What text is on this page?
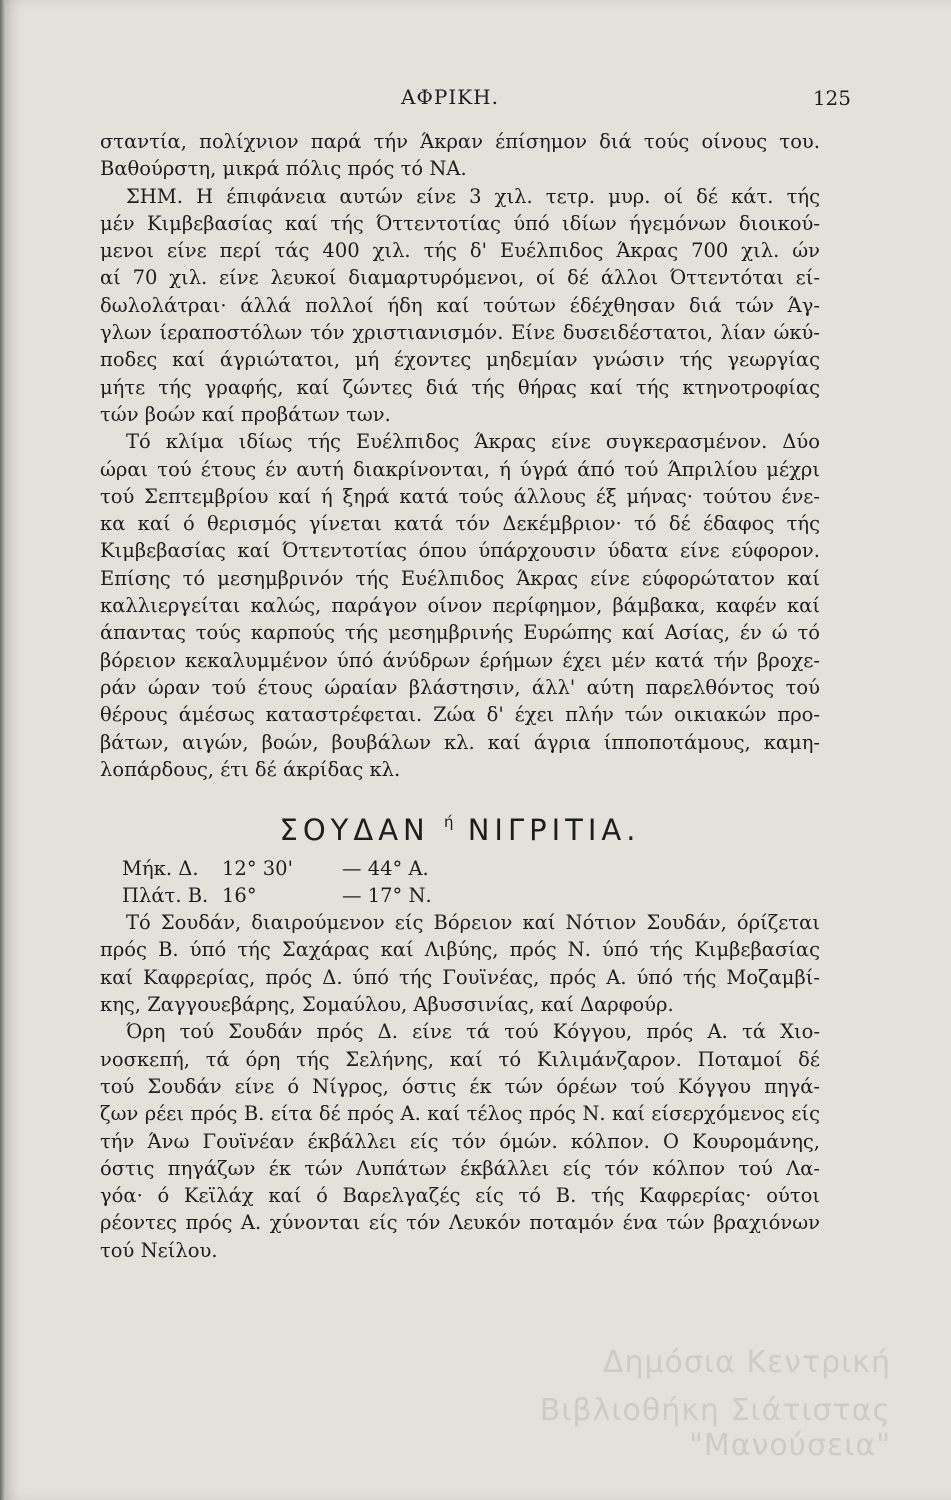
ΑΦΡΙΚΗ.	125
σταντία, πολίχνιον παρά τήν Άκραν έπίσημον διά τούς οίνους του.
Βαθούρστη, μικρά πόλις πρός τό ΝΑ.
ΣΗΜ. Η έπιφάνεια αυτών είνε 3 χιλ. τετρ. μυρ. οί δέ κάτ. τής
μέν Κιμβεβασίας καί τής Όττεντοτίας ύπό ιδίων ήγεμόνων διοικού-
μενοι είνε περί τάς 400 χιλ. τής δ' Ευέλπιδος Άκρας 700 χιλ. ών
αί 70 χιλ. είνε λευκοί διαμαρτυρόμενοι, οί δέ άλλοι Όττεντόται εί-
δωλολάτραι· άλλά πολλοί ήδη καί τούτων έδέχθησαν διά τών Άγ-
γλων ίεραποστόλων τόν χριστιανισμόν. Είνε δυσειδέστατοι, λίαν ώκύ-
ποδες καί άγριώτατοι, μή έχοντες μηδεμίαν γνώσιν τής γεωργίας
μήτε τής γραφής, καί ζώντες διά τής θήρας καί τής κτηνοτροφίας
τών βοών καί προβάτων των.
Τό κλίμα ιδίως τής Ευέλπιδος Άκρας είνε συγκερασμένον. Δύο
ώραι τού έτους έν αυτή διακρίνονται, ή ύγρά άπό τού Άπριλίου μέχρι
τού Σεπτεμβρίου καί ή ξηρά κατά τούς άλλους έξ μήνας· τούτου ένε-
κα καί ό θερισμός γίνεται κατά τόν Δεκέμβριον· τό δέ έδαφος τής
Κιμβεβασίας καί Όττεντοτίας όπου ύπάρχουσιν ύδατα είνε εύφορον.
Επίσης τό μεσημβρινόν τής Ευέλπιδος Άκρας είνε εύφορώτατον καί
καλλιεργείται καλώς, παράγον οίνον περίφημον, βάμβακα, καφέν καί
άπαντας τούς καρπούς τής μεσημβρινής Ευρώπης καί Ασίας, έν ώ τό
βόρειον κεκαλυμμένον ύπό άνύδρων έρήμων έχει μέν κατά τήν βροχε-
ράν ώραν τού έτους ώραίαν βλάστησιν, άλλ' αύτη παρελθόντος τού
θέρους άμέσως καταστρέφεται. Ζώα δ' έχει πλήν τών οικιακών προ-
βάτων, αιγών, βοών, βουβάλων κλ. καί άγρια ίπποποτάμους, καμη-
λοπάρδους, έτι δέ άκρίδας κλ.
ΣΟΥΔΑΝ $^ή$ ΝΙΓΡΙΤΙΑ.
Μήκ. Δ. 12° 30'	— 44° Α.
Πλάτ. Β. 16°	— 17° Ν.
Τό Σουδάν, διαιρούμενον είς Βόρειον καί Νότιον Σουδάν, όρίζεται
πρός Β. ύπό τής Σαχάρας καί Λιβύης, πρός Ν. ύπό τής Κιμβεβασίας
καί Καφρερίας, πρός Δ. ύπό τής Γουϊνέας, πρός Α. ύπό τής Μοζαμβί-
κης, Ζαγγουεβάρης, Σομαύλου, Αβυσσινίας, καί Δαρφούρ.
Όρη τού Σουδάν πρός Δ. είνε τά τού Κόγγου, πρός Α. τά Χιο-
νοσκεπή, τά όρη τής Σελήνης, καί τό Κιλιμάνζαρον. Ποταμοί δέ
τού Σουδάν είνε ό Νίγρος, όστις έκ τών όρέων τού Κόγγου πηγά-
ζων ρέει πρός Β. είτα δέ πρός Α. καί τέλος πρός Ν. καί είσερχόμενος είς
τήν Άνω Γουϊνέαν έκβάλλει είς τόν όμών. κόλπον. Ο Κουρομάνης,
όστις πηγάζων έκ τών Λυπάτων έκβάλλει είς τόν κόλπον τού Λα-
γόα· ό Κεϊλάχ καί ό Βαρελγαζές είς τό Β. τής Καφρερίας· ούτοι
ρέοντες πρός Α. χύνονται είς τόν Λευκόν ποταμόν ένα τών βραχιόνων
τού Νείλου.
Δημόσια Κεντρική
Βιβλιοθήκη Σιάτιστας "Μανούσεια"
